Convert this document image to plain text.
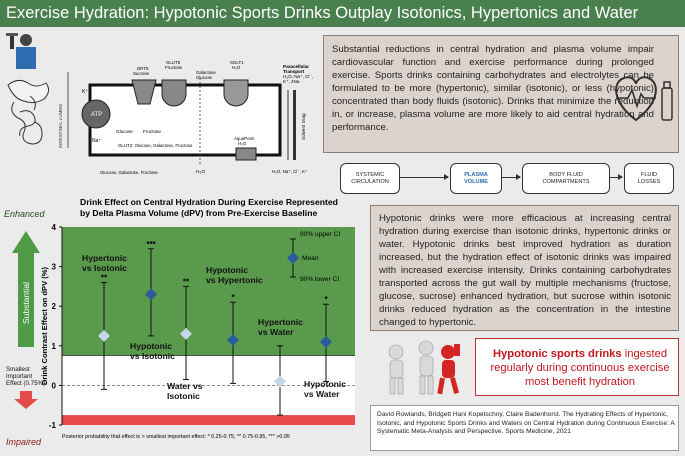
Exercise Hydration: Hypotonic Sports Drinks Outplay Isotonics, Hypertonics and Water
INTESTINAL LUMEN	ATP
K⁺
Na⁺
DRT5 Sucrose
GLUT5 Fructose
Galactose Glucose
SGLT1 H₂O
Glucose Fructose
GLUT2: Glucose, Galactose, Fructose
Glucose, Galactose, Fructose
AquaPorin H₂O
H₂O
Paracellular Transport H₂O, Na⁺, Cl⁻, K⁺, 2Na
Solvent Drag
H₂O, Na⁺, Cl⁻, K⁺
Substantial reductions in central hydration and plasma volume impair cardiovascular function and exercise performance during prolonged exercise. Sports drinks containing carbohydrates and electrolytes can be formulated to be more (hypertonic), similar (isotonic), or less (hypotonic) concentrated than body fluids (isotonic). Drinks that minimize the reduction in, or increase, plasma volume are more likely to aid central hydration and performance.
SYSTEMIC
CIRCULATION
PLASMA
VOLUME
BODY FLUID
COMPARTMENTS
FLUID
LOSSES
Drink Effect on Central Hydration During Exercise Represented
by Delta Plasma Volume (dPV) from Pre-Exercise Baseline
-1
0
1
2
3
4
Drink Contrast Effect on dPV (%)
Substantial
Enhanced
Smallest Important Effect (0.75%)
Impaired
**
Hypertonic vs Isotonic
***
Hypotonic vs Isotonic
**
Water vs Isotonic
*
Hypotonic vs Hypertonic
Hypertonic vs Water
*
Hypotonic vs Water
90% upper CI
Mean
90% lower CI
Posterior probability that effect is > smallest important effect: * 0.25-0.75, ** 0.75-0.95, *** >0.95
Hypotonic drinks were more efficacious at increasing central hydration during exercise than isotonic drinks, hypertonic drinks or water. Hypotonic drinks best improved hydration as duration increased, but the hydration effect of isotonic drinks was impaired with increased exercise intensity. Drinks containing carbohydrates transported across the gut wall by multiple mechanisms (fructose, glucose, sucrose) enhanced hydration, but sucrose within isotonic drinks reduced hydration as the concentration in the intestine changed to hypertonic.
Hypotonic sports drinks ingested regularly during continuous exercise most benefit hydration
David Rowlands, Bridgett Hani Kopetschny, Claire Badenhorst. The Hydrating Effects of Hypertonic, Isotonic, and Hypotonic Sports Drinks and Waters on Central Hydration during Continuous Exercise: A Systematic Meta-Analysis and Perspective. Sports Medicine, 2021
